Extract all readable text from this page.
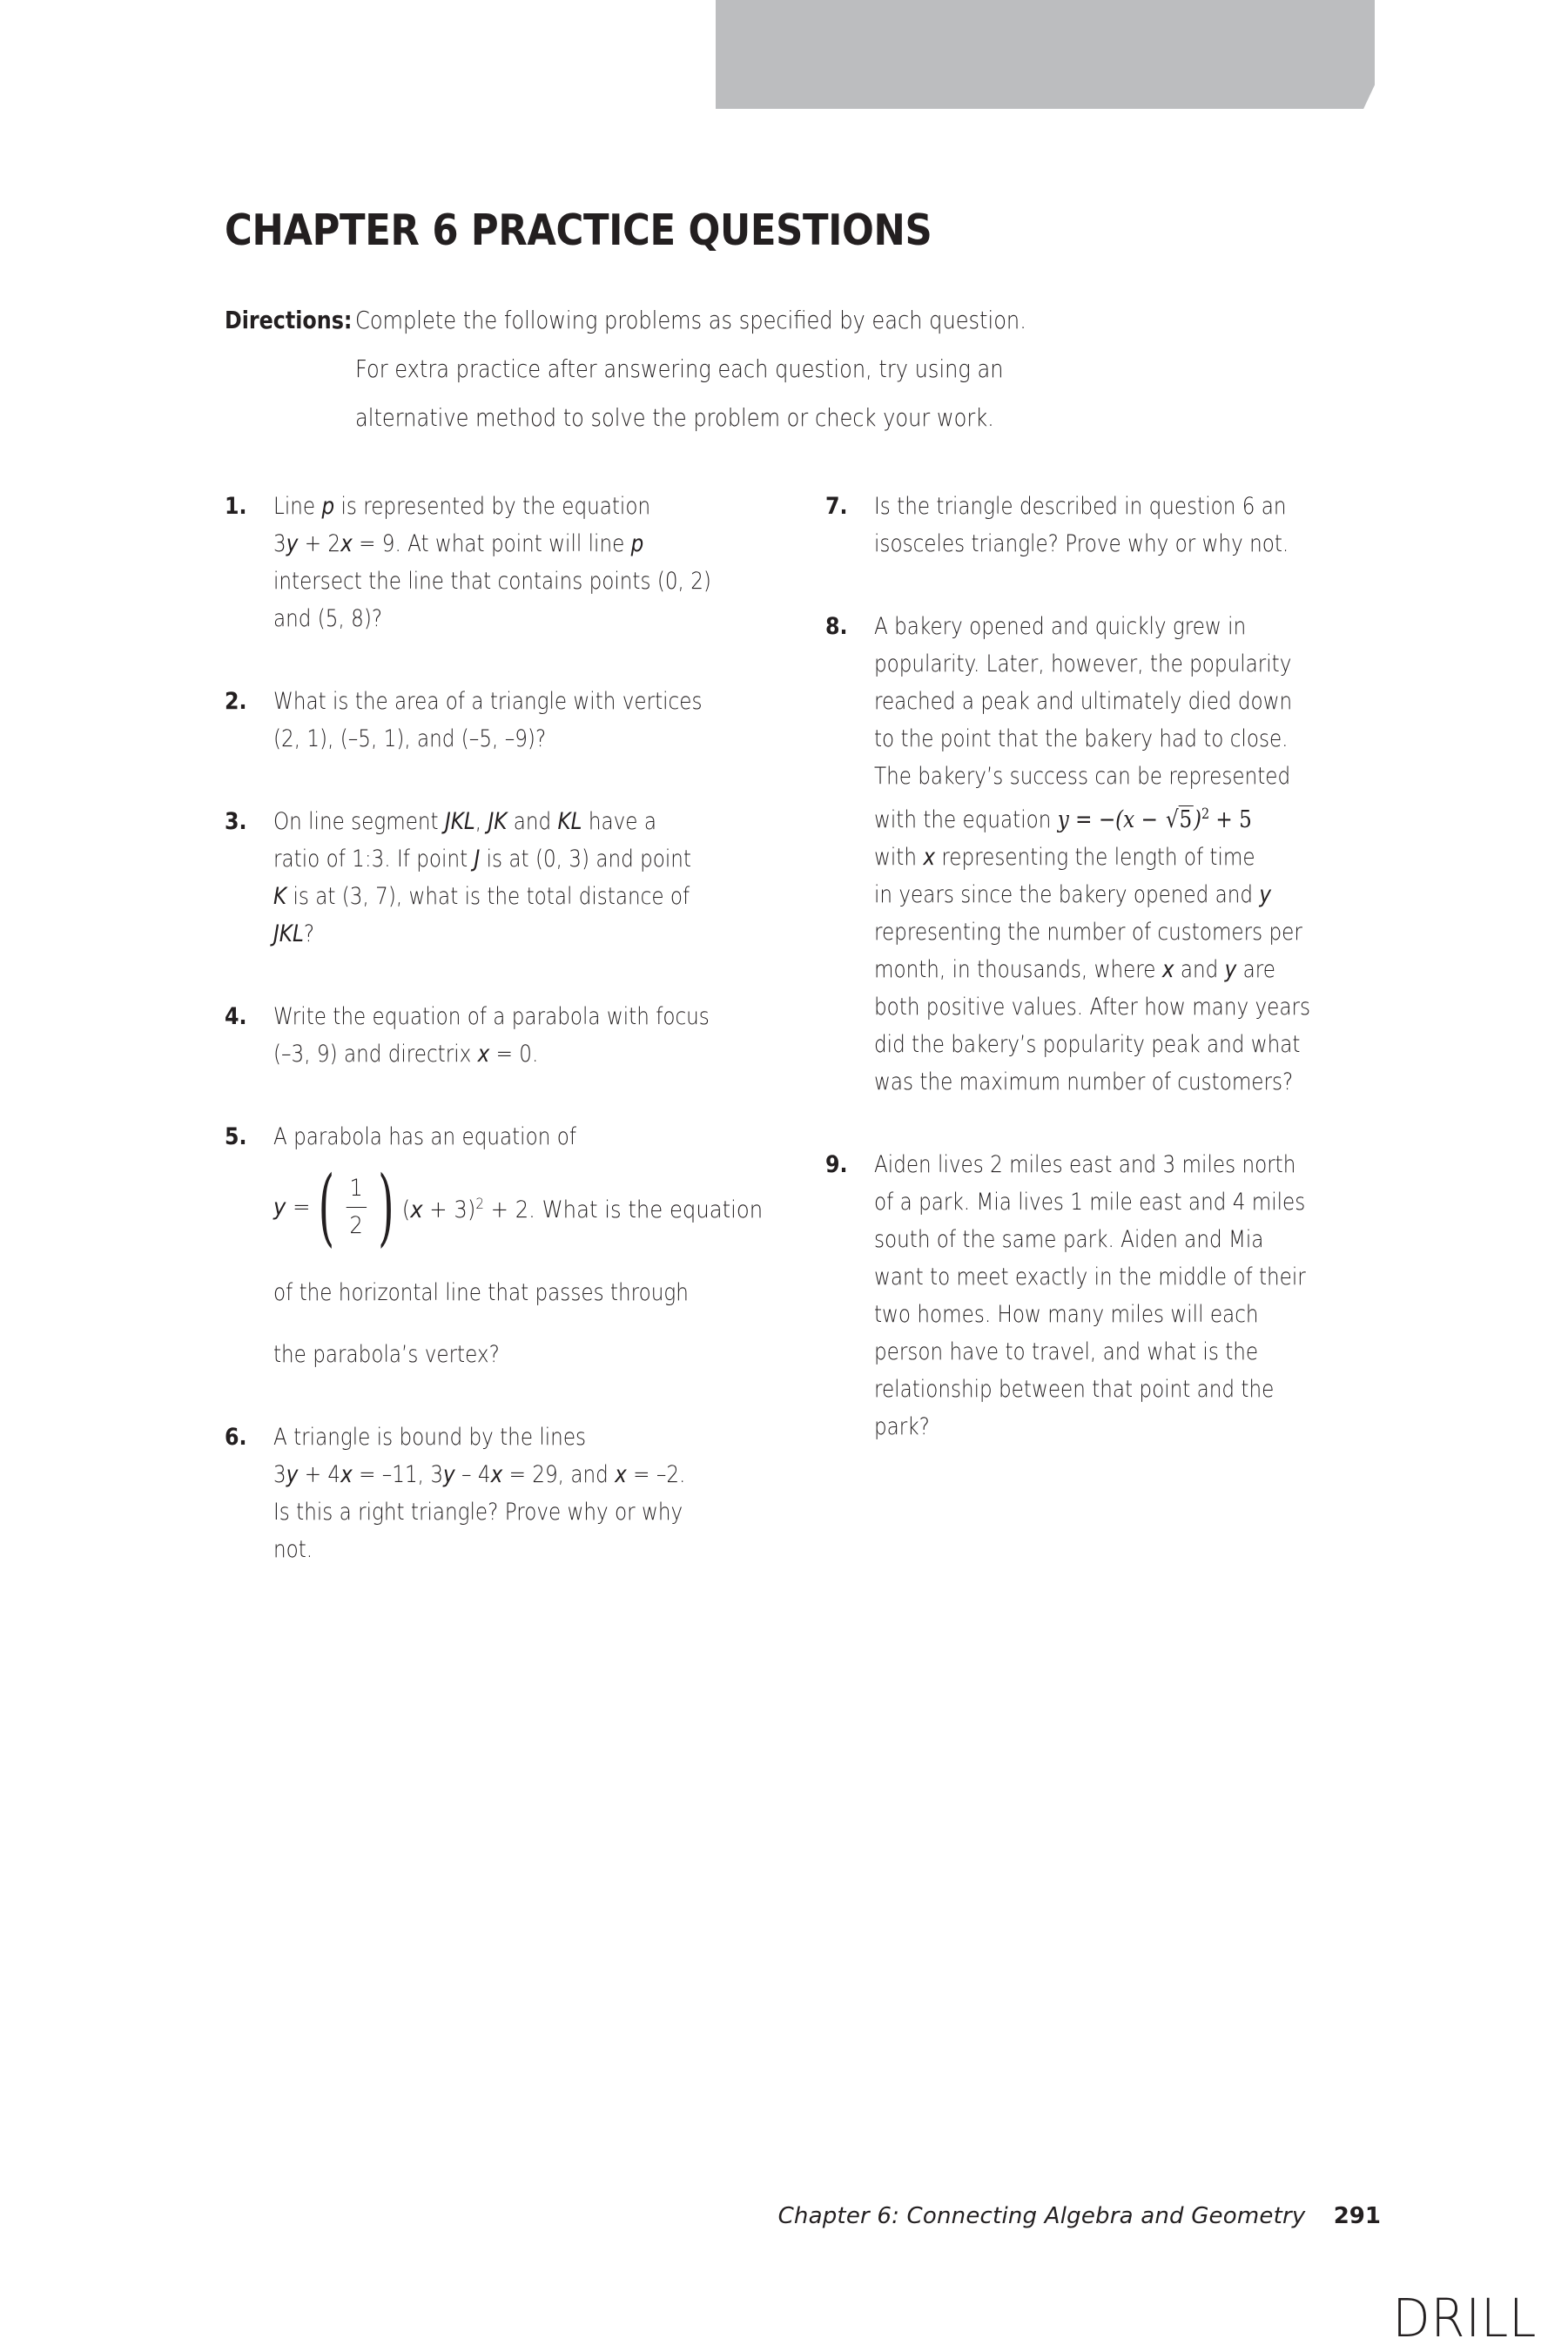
DRILL
CHAPTER 6 PRACTICE QUESTIONS
Directions: Complete the following problems as specified by each question.
For extra practice after answering each question, try using an
alternative method to solve the problem or check your work.
1.	Line p is represented by the equation
3y + 2x = 9. At what point will line p
intersect the line that contains points (0, 2)
and (5, 8)?
2.	What is the area of a triangle with vertices
(2, 1), (–5, 1), and (–5, –9)?
3.	On line segment JKL, JK and KL have a
ratio of 1:3. If point J is at (0, 3) and point
K is at (3, 7), what is the total distance of
JKL?
4.	Write the equation of a parabola with focus
(–3, 9) and directrix x = 0.
5.	A parabola has an equation of
y = ( $\frac{1}{2}$ ) $(x + 3)^2 + 2$. What is the equation
of the horizontal line that passes through
the parabola’s vertex?
6.	A triangle is bound by the lines
3y + 4x = –11, 3y – 4x = 29, and x = –2.
Is this a right triangle? Prove why or why
not.
7.	Is the triangle described in question 6 an
isosceles triangle? Prove why or why not.
8.	A bakery opened and quickly grew in
popularity. Later, however, the popularity
reached a peak and ultimately died down
to the point that the bakery had to close.
The bakery’s success can be represented
with the equation $y = -(x - √5)^2 + 5$
with x representing the length of time
in years since the bakery opened and y
representing the number of customers per
month, in thousands, where x and y are
both positive values. After how many years
did the bakery’s popularity peak and what
was the maximum number of customers?
9.	Aiden lives 2 miles east and 3 miles north
of a park. Mia lives 1 mile east and 4 miles
south of the same park. Aiden and Mia
want to meet exactly in the middle of their
two homes. How many miles will each
person have to travel, and what is the
relationship between that point and the
park?
Chapter 6: Connecting Algebra and Geometry 291
